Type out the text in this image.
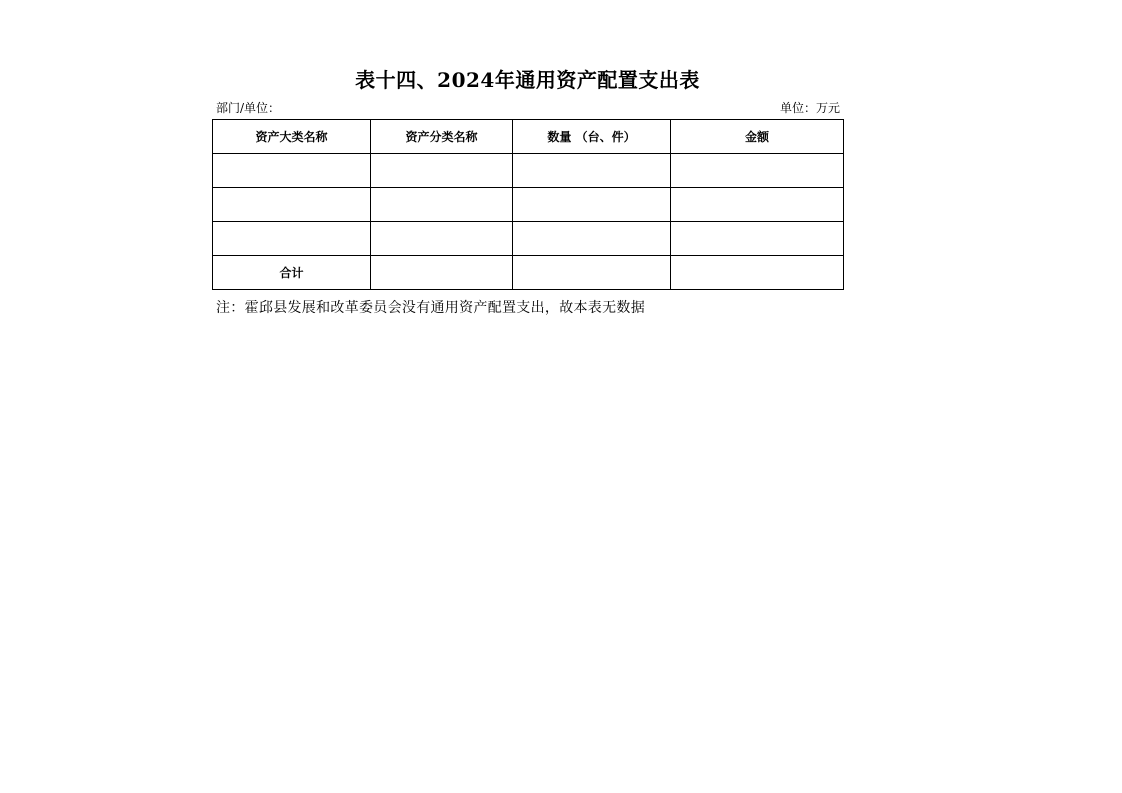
表十四、2024年通用资产配置支出表
部门/单位：	单位：万元
资产大类名称	资产分类名称	数量 （台、件）	金额

合计			
注：霍邱县发展和改革委员会没有通用资产配置支出，故本表无数据
